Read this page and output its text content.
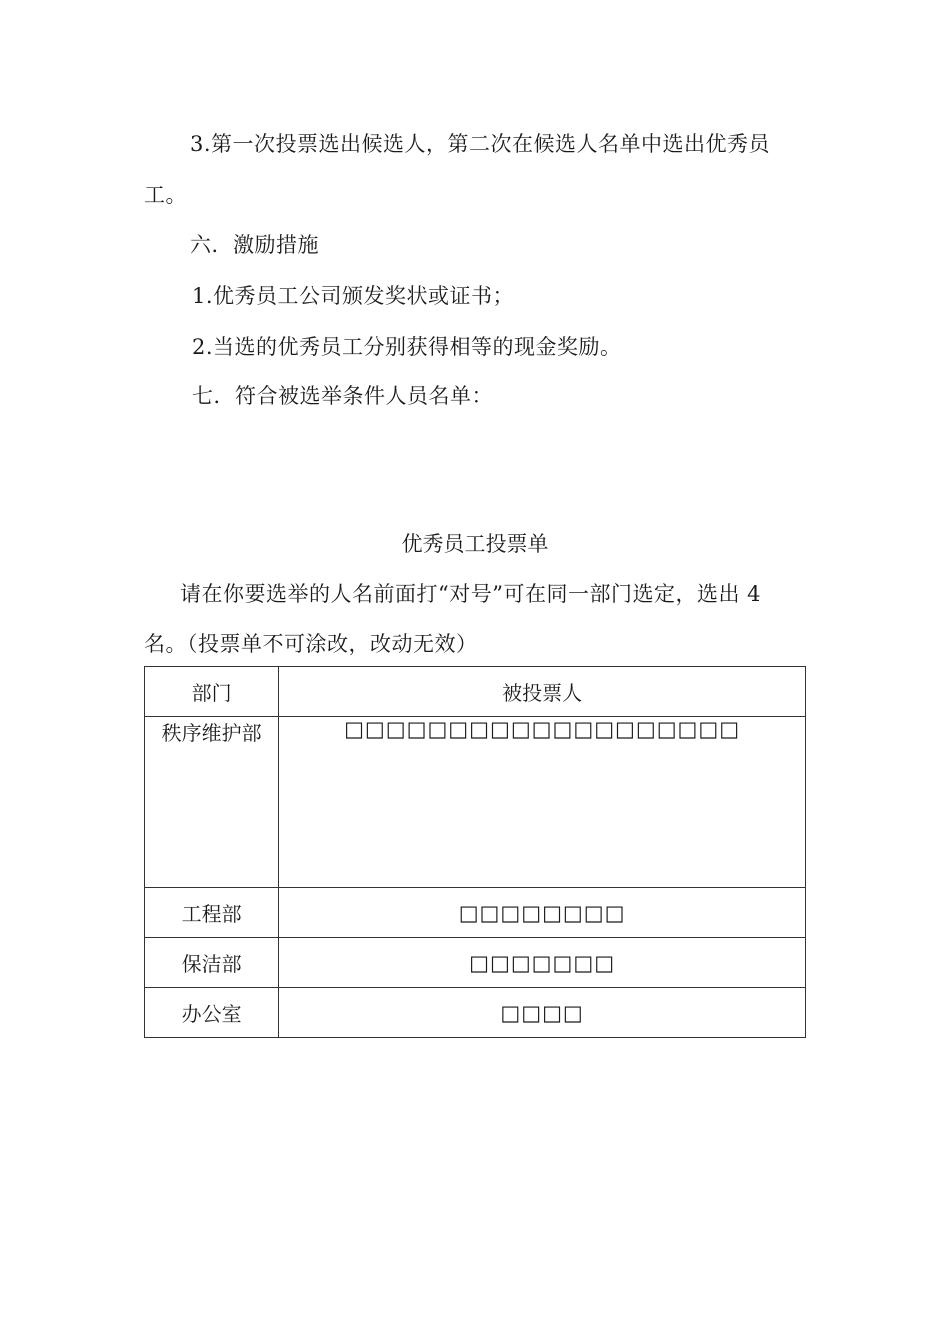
3.第一次投票选出候选人，第二次在候选人名单中选出优秀员
工。
六．激励措施
1.优秀员工公司颁发奖状或证书；
2.当选的优秀员工分别获得相等的现金奖励。
七．符合被选举条件人员名单：
优秀员工投票单
请在你要选举的人名前面打“对号”可在同一部门选定，选出 4
名。（投票单不可涂改，改动无效）
部门	被投票人
秩序维护部	□□□□□□□□□□□□□□□□□□□
工程部	□□□□□□□□
保洁部	□□□□□□□
办公室	□□□□
